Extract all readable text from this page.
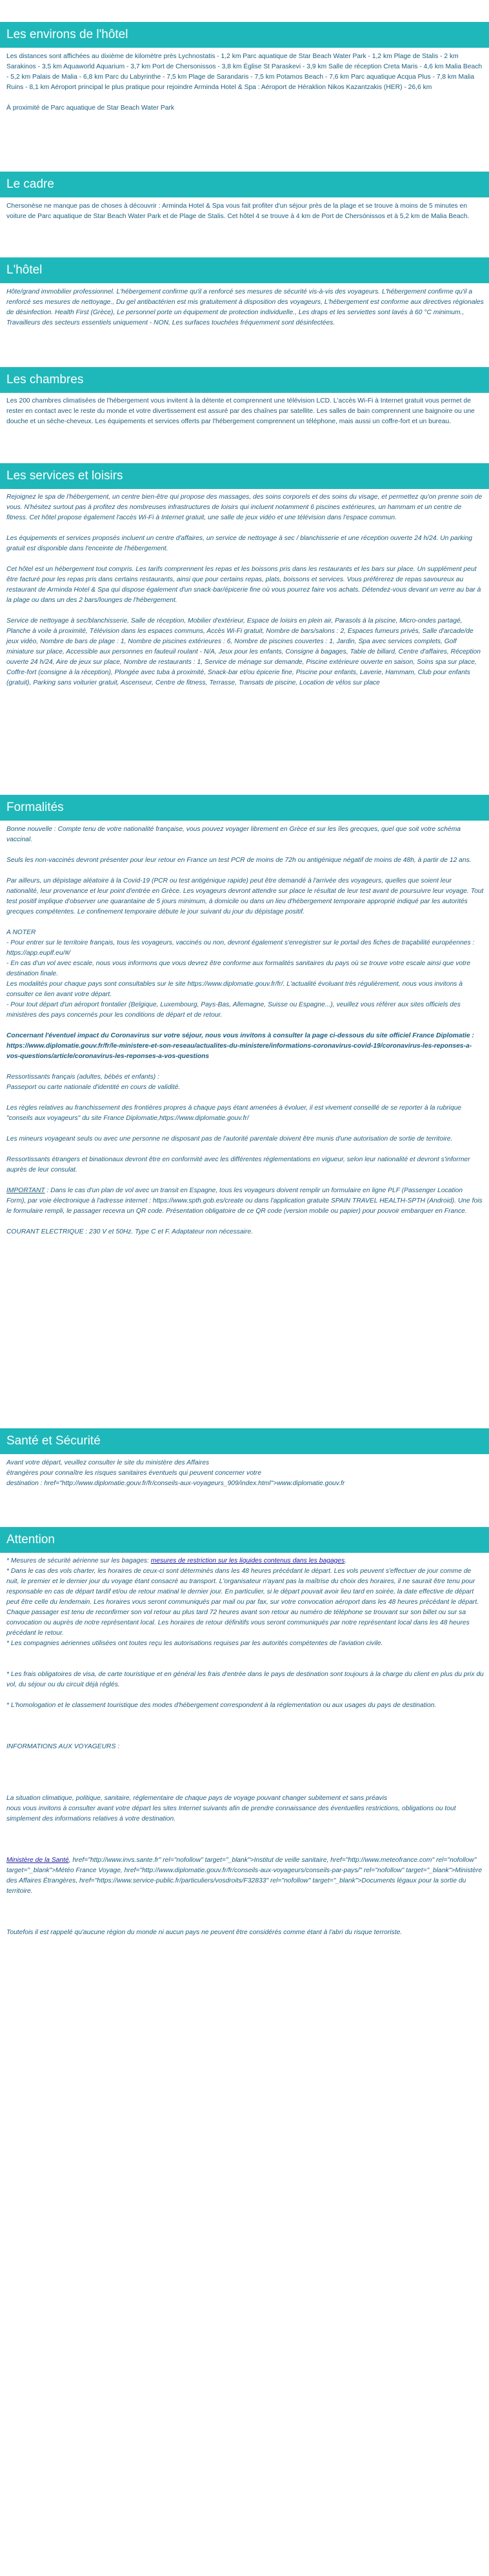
Les environs de l'hôtel

Les distances sont affichées au dixième de kilomètre près Lychnostatis - 1,2 km Parc aquatique de Star Beach Water Park - 1,2 km Plage de Stalis - 2 km Sarakinos - 3,5 km Aquaworld Aquarium - 3,7 km Port de Chersonissos - 3,8 km Église St Paraskevi - 3,9 km Salle de réception Creta Maris - 4,6 km Malia Beach - 5,2 km Palais de Malia - 6,8 km Parc du Labyrinthe - 7,5 km Plage de Sarandaris - 7,5 km Potamos Beach - 7,6 km Parc aquatique Acqua Plus - 7,8 km Malia Ruins - 8,1 km Aéroport principal le plus pratique pour rejoindre Arminda Hotel & Spa : Aéroport de Héraklion Nikos Kazantzakis (HER) - 26,6 km

À proximité de Parc aquatique de Star Beach Water Park

Le cadre

Chersonèse ne manque pas de choses à découvrir : Arminda Hotel & Spa vous fait profiter d'un séjour près de la plage et se trouve à moins de 5 minutes en voiture de Parc aquatique de Star Beach Water Park et de Plage de Stalis. Cet hôtel 4 se trouve à 4 km de Port de Chersónissos et à 5,2 km de Malia Beach.

L'hôtel

Hôte/grand immobilier professionnel. L'hébergement confirme qu'il a renforcé ses mesures de sécurité vis-à-vis des voyageurs. L'hébergement confirme qu'il a renforcé ses mesures de nettoyage., Du gel antibactérien est mis gratuitement à disposition des voyageurs, L'hébergement est conforme aux directives régionales de désinfection. Health First (Grèce), Le personnel porte un équipement de protection individuelle., Les draps et les serviettes sont lavés à 60 °C minimum., Travailleurs des secteurs essentiels uniquement - NON, Les surfaces touchées fréquemment sont désinfectées.

Les chambres

Les 200 chambres climatisées de l'hébergement vous invitent à la détente et comprennent une télévision LCD. L'accès Wi-Fi à Internet gratuit vous permet de rester en contact avec le reste du monde et votre divertissement est assuré par des chaînes par satellite. Les salles de bain comprennent une baignoire ou une douche et un sèche-cheveux. Les équipements et services offerts par l'hébergement comprennent un téléphone, mais aussi un coffre-fort et un bureau.

Les services et loisirs

Rejoignez le spa de l'hébergement, un centre bien-être qui propose des massages, des soins corporels et des soins du visage, et permettez qu'on prenne soin de vous. N'hésitez surtout pas à profitez des nombreuses infrastructures de loisirs qui incluent notamment 6 piscines extérieures, un hammam et un centre de fitness. Cet hôtel propose également l'accès Wi-Fi à Internet gratuit, une salle de jeux vidéo et une télévision dans l'espace commun.

Les équipements et services proposés incluent un centre d'affaires, un service de nettoyage à sec / blanchisserie et une réception ouverte 24 h/24. Un parking gratuit est disponible dans l'enceinte de l'hébergement.

Cet hôtel est un hébergement tout compris. Les tarifs comprennent les repas et les boissons pris dans les restaurants et les bars sur place. Un supplément peut être facturé pour les repas pris dans certains restaurants, ainsi que pour certains repas, plats, boissons et services. Vous préférerez de repas savoureux au restaurant de Arminda Hotel & Spa qui dispose également d'un snack-bar/épicerie fine où vous pourrez faire vos achats. Détendez-vous devant un verre au bar à la plage ou dans un des 2 bars/lounges de l'hébergement.

Service de nettoyage à sec/blanchisserie, Salle de réception, Mobilier d'extérieur, Espace de loisirs en plein air, Parasols à la piscine, Micro-ondes partagé, Planche à voile à proximité, Télévision dans les espaces communs, Accès Wi-Fi gratuit, Nombre de bars/salons : 2, Espaces fumeurs privés, Salle d'arcade/de jeux vidéo, Nombre de bars de plage : 1, Nombre de piscines extérieures : 6, Nombre de piscines couvertes : 1, Jardin, Spa avec services complets, Golf miniature sur place, Accessible aux personnes en fauteuil roulant - N/A, Jeux pour les enfants, Consigne à bagages, Table de billard, Centre d'affaires, Réception ouverte 24 h/24, Aire de jeux sur place, Nombre de restaurants : 1, Service de ménage sur demande, Piscine extérieure ouverte en saison, Soins spa sur place, Coffre-fort (consigne à la réception), Plongée avec tuba à proximité, Snack-bar et/ou épicerie fine, Piscine pour enfants, Laverie, Hammam, Club pour enfants (gratuit), Parking sans voiturier gratuit, Ascenseur, Centre de fitness, Terrasse, Transats de piscine, Location de vélos sur place

Formalités

Bonne nouvelle : Compte tenu de votre nationalité française, vous pouvez voyager librement en Grèce et sur les îles grecques, quel que soit votre schéma vaccinal.

Seuls les non-vaccinés devront présenter pour leur retour en France un test PCR de moins de 72h ou antigénique négatif de moins de 48h, à partir de 12 ans.

Par ailleurs, un dépistage aléatoire à la Covid-19 (PCR ou test antigénique rapide) peut être demandé à l'arrivée des voyageurs, quelles que soient leur nationalité, leur provenance et leur point d'entrée en Grèce. Les voyageurs devront attendre sur place le résultat de leur test avant de poursuivre leur voyage. Tout test positif implique d'observer une quarantaine de 5 jours minimum, à domicile ou dans un lieu d'hébergement temporaire approprié indiqué par les autorités grecques compétentes. Le confinement temporaire débute le jour suivant du jour du dépistage positif.

A NOTER

- Pour entrer sur le territoire français, tous les voyageurs, vaccinés ou non, devront également s'enregistrer sur le portail des fiches de traçabilité européennes : https://app.euplf.eu/#/

- En cas d'un vol avec escale, nous vous informons que vous devrez être conforme aux formalités sanitaires du pays où se trouve votre escale ainsi que votre destination finale.

Les modalités pour chaque pays sont consultables sur le site https://www.diplomatie.gouv.fr/fr/. L'actualité évoluant très régulièrement, nous vous invitons à consulter ce lien avant votre départ.

- Pour tout départ d'un aéroport frontalier (Belgique, Luxembourg, Pays-Bas, Allemagne, Suisse ou Espagne...), veuillez vous référer aux sites officiels des ministères des pays concernés pour les conditions de départ et de retour.

Concernant l'éventuel impact du Coronavirus sur votre séjour, nous vous invitons à consulter la page ci-dessous du site officiel France Diplomatie :

https://www.diplomatie.gouv.fr/fr/le-ministere-et-son-reseau/actualites-du-ministere/informations-coronavirus-covid-19/coronavirus-les-reponses-a-vos-questions/article/coronavirus-les-reponses-a-vos-questions

Ressortissants français (adultes, bébés et enfants) :

Passeport ou carte nationale d'identité en cours de validité.

Les règles relatives au franchissement des frontières propres à chaque pays étant amenées à évoluer, il est vivement conseillé de se reporter à la rubrique "conseils aux voyageurs" du site France Diplomatie,https://www.diplomatie.gouv.fr/

Les mineurs voyageant seuls ou avec une personne ne disposant pas de l'autorité parentale doivent être munis d'une autorisation de sortie de territoire.

Ressortissants étrangers et binationaux devront être en conformité avec les différentes réglementations en vigueur, selon leur nationalité et devront s'informer auprès de leur consulat.

IMPORTANT : Dans le cas d'un plan de vol avec un transit en Espagne, tous les voyageurs doivent remplir un formulaire en ligne PLF (Passenger Location Form), par voie électronique à l'adresse internet : https://www.spth.gob.es/create ou dans l'application gratuite SPAIN TRAVEL HEALTH-SPTH (Android). Une fois le formulaire rempli, le passager recevra un QR code. Présentation obligatoire de ce QR code (version mobile ou papier) pour pouvoir embarquer en France.

COURANT ELECTRIQUE : 230 V et 50Hz. Type C et F. Adaptateur non nécessaire.

Santé et Sécurité

Avant votre départ, veuillez consulter le site du ministère des Affaires

étrangères pour connaître les risques sanitaires éventuels qui peuvent concerner votre

destination : href="http://www.diplomatie.gouv.fr/fr/conseils-aux-voyageurs_909/index.html">www.diplomatie.gouv.fr

Attention

* Mesures de sécurité aérienne sur les bagages: mesures de restriction sur les liquides contenus dans les bagages.

* Dans le cas des vols charter, les horaires de ceux-ci sont déterminés dans les 48 heures précédant le départ. Les vols peuvent s'effectuer de jour comme de nuit, le premier et le dernier jour du voyage étant consacré au transport. L'organisateur n'ayant pas la maîtrise du choix des horaires, il ne saurait être tenu pour responsable en cas de départ tardif et/ou de retour matinal le dernier jour. En particulier, si le départ pouvait avoir lieu tard en soirée, la date effective de départ peut être celle du lendemain. Les horaires vous seront communiqués par mail ou par fax, sur votre convocation aéroport dans les 48 heures précédant le départ. Chaque passager est tenu de reconfirmer son vol retour au plus tard 72 heures avant son retour au numéro de téléphone se trouvant sur son billet ou sur sa convocation ou auprès de notre représentant local. Les horaires de retour définitifs vous seront communiqués par notre représentant local dans les 48 heures précédant le retour.

* Les compagnies aériennes utilisées ont toutes reçu les autorisations requises par les autorités compétentes de l'aviation civile.

* Les frais obligatoires de visa, de carte touristique et en général les frais d'entrée dans le pays de destination sont toujours à la charge du client en plus du prix du vol, du séjour ou du circuit déjà réglés.

* L'homologation et le classement touristique des modes d'hébergement correspondent à la réglementation ou aux usages du pays de destination.

INFORMATIONS AUX VOYAGEURS :

La situation climatique, politique, sanitaire, réglementaire de chaque pays de voyage pouvant changer subitement et sans préavis

nous vous invitons à consulter avant votre départ les sites Internet suivants afin de prendre connaissance des éventuelles restrictions, obligations ou tout simplement des informations relatives à votre destination.

Ministère de la Santé, href="http://www.invs.sante.fr" rel="nofollow" target="_blank">Institut de veille sanitaire, href="http://www.meteofrance.com" rel="nofollow" target="_blank">Météo France Voyage, href="http://www.diplomatie.gouv.fr/fr/conseils-aux-voyageurs/conseils-par-pays/" rel="nofollow" target="_blank">Ministère des Affaires Étrangères, href="https://www.service-public.fr/particuliers/vosdroits/F32833" rel="nofollow" target="_blank">Documents légaux pour la sortie du territoire.

Toutefois il est rappelé qu'aucune région du monde ni aucun pays ne peuvent être considérés comme étant à l'abri du risque terroriste.
